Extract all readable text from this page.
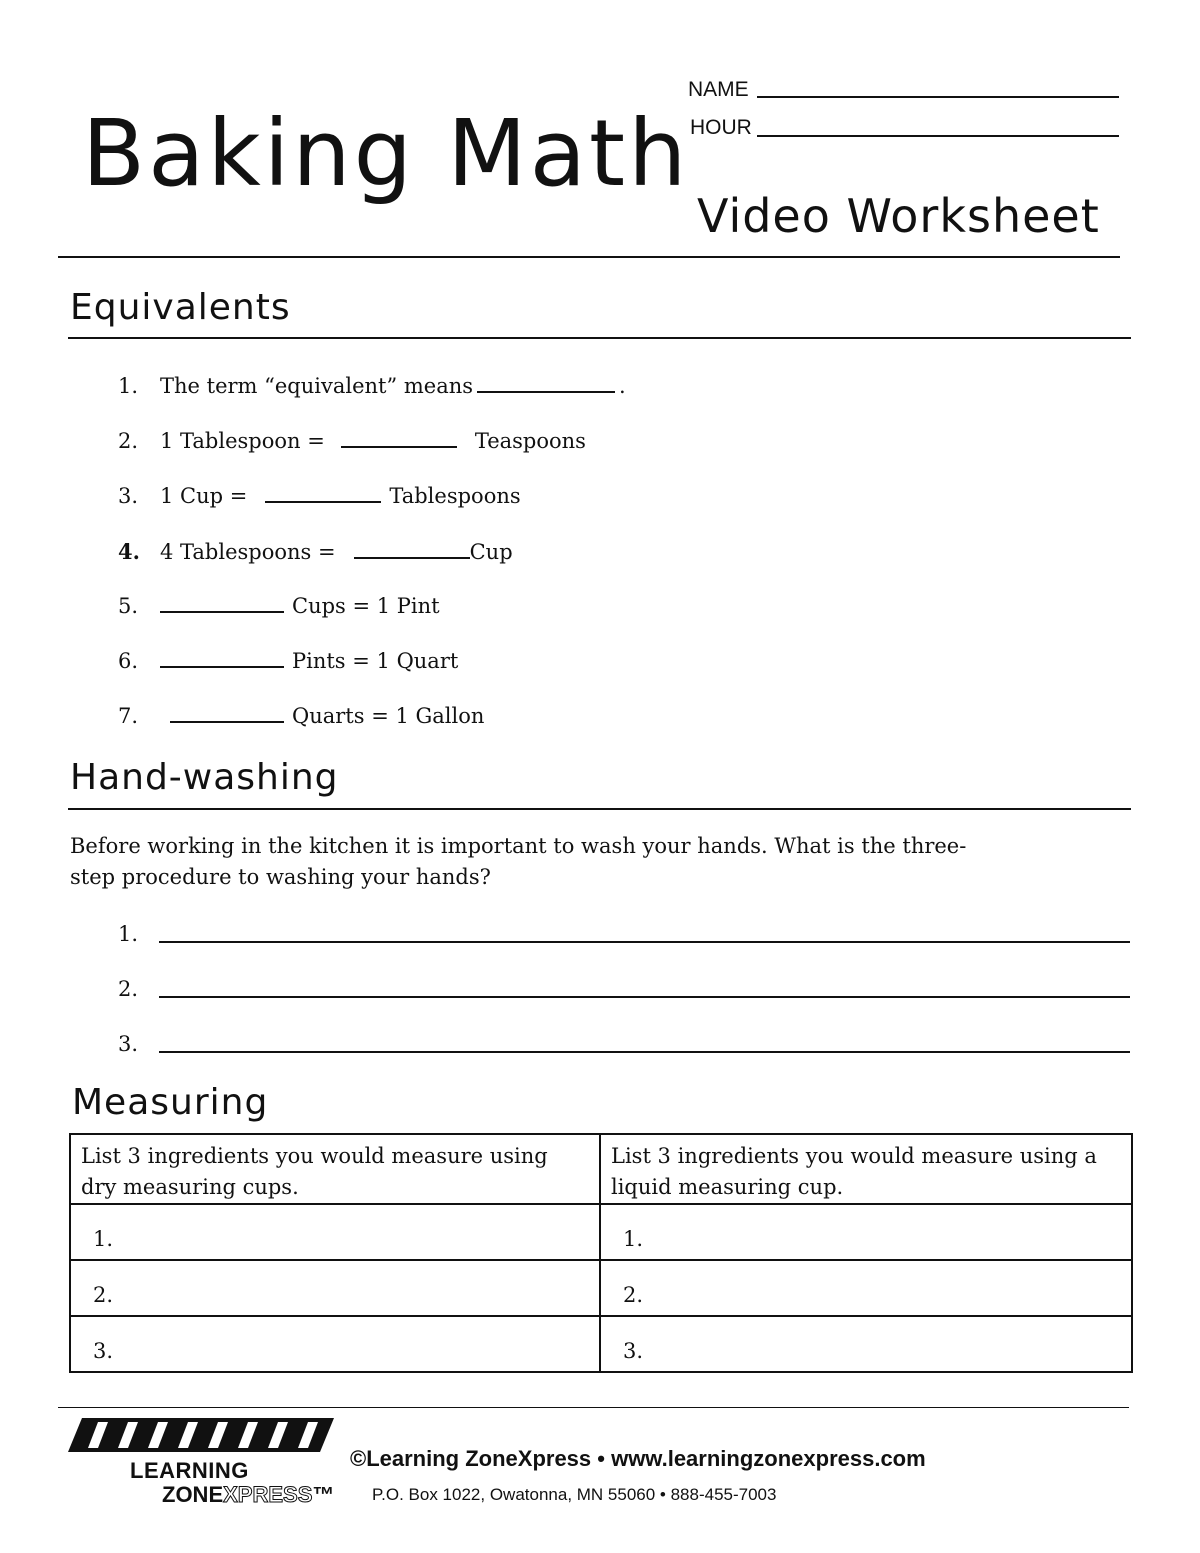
Baking Math
NAME
HOUR
Video Worksheet
Equivalents
1. The term “equivalent” means	.
2. 1 Tablespoon =	Teaspoons
3. 1 Cup =	Tablespoons
4. 4 Tablespoons =	Cup
5.	Cups = 1 Pint
6.	Pints = 1 Quart
7.	Quarts = 1 Gallon
Hand-washing
Before working in the kitchen it is important to wash your hands. What is the three-
step procedure to washing your hands?
1.
2.
3.
Measuring
List 3 ingredients you would measure using dry measuring cups.	List 3 ingredients you would measure using a liquid measuring cup.
1.	1.
2.	2.
3.	3.
LEARNING
ZONEXPRESS™
©Learning ZoneXpress • www.learningzonexpress.com
P.O. Box 1022, Owatonna, MN 55060 • 888-455-7003
